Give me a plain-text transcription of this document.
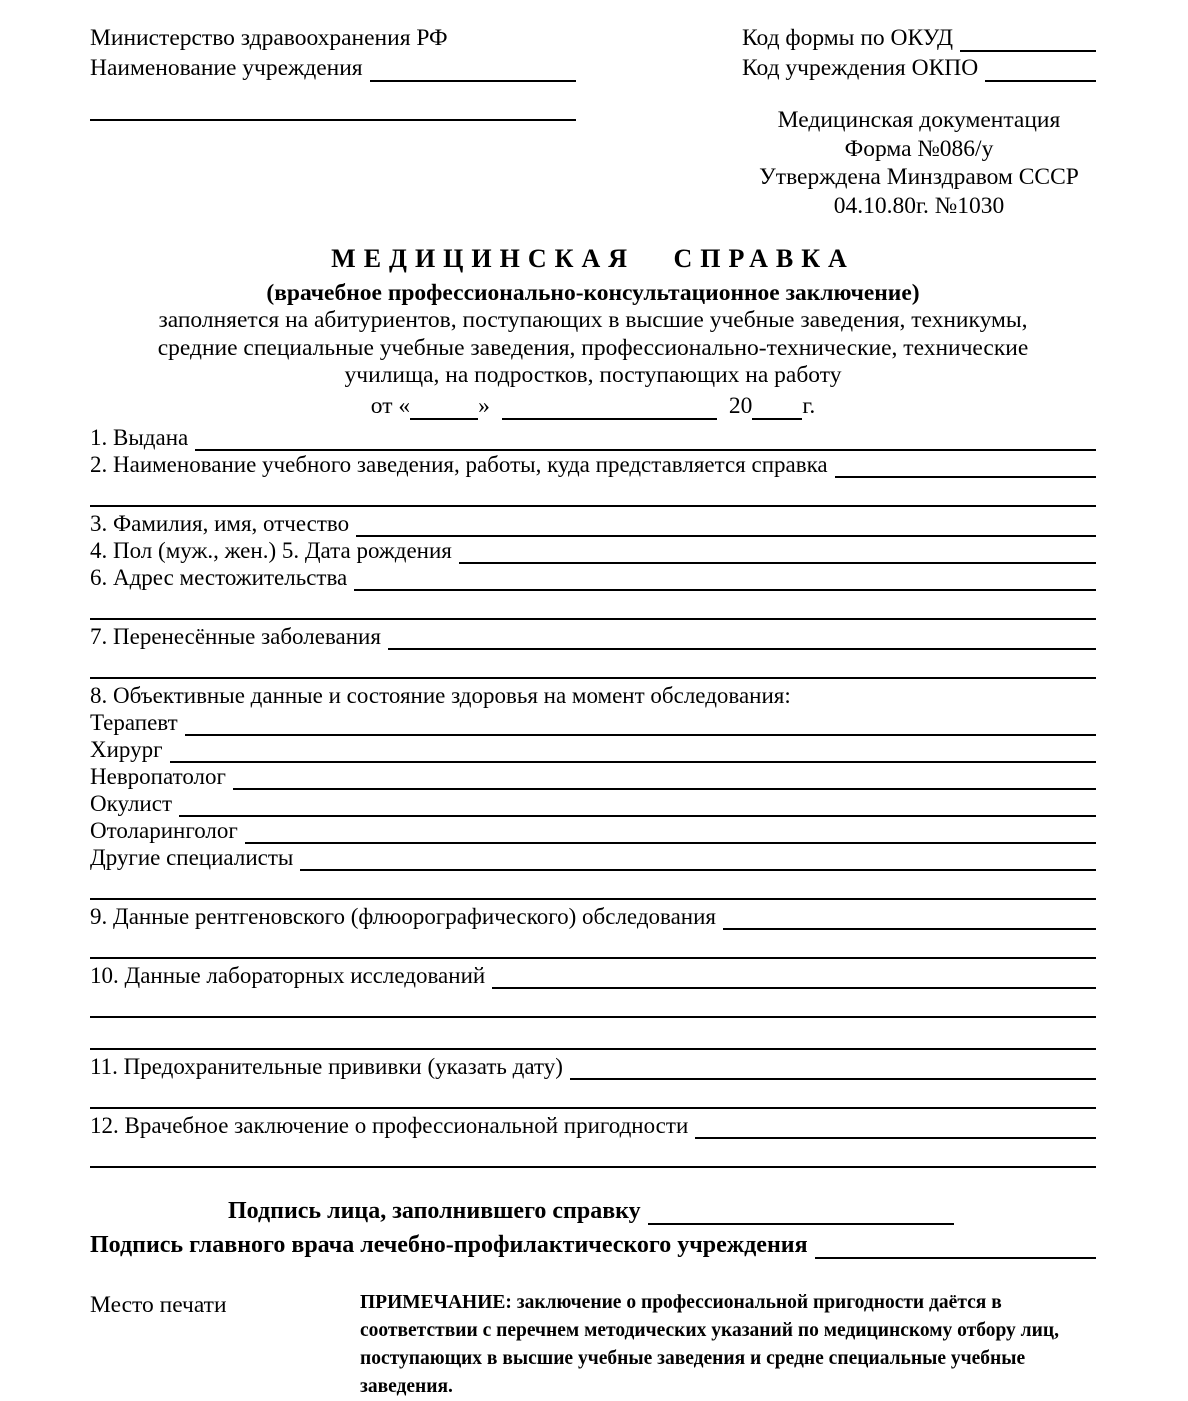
Министерство здравоохранения РФ
Наименование учреждения
Код формы по ОКУД
Код учреждения ОКПО
Медицинская документация
Форма №086/у
Утверждена Минздравом СССР
04.10.80г. №1030
МЕДИЦИНСКАЯ СПРАВКА
(врачебное профессионально-консультационное заключение)
заполняется на абитуриентов, поступающих в высшие учебные заведения, техникумы,
средние специальные учебные заведения, профессионально-технические, технические
училища, на подростков, поступающих на работу
от «	»	20 г.
1. Выдана
2. Наименование учебного заведения, работы, куда представляется справка
3. Фамилия, имя, отчество
4. Пол (муж., жен.) 5. Дата рождения
6. Адрес местожительства
7. Перенесённые заболевания
8. Объективные данные и состояние здоровья на момент обследования:
Терапевт
Хирург
Невропатолог
Окулист
Отоларинголог
Другие специалисты
9. Данные рентгеновского (флюорографического) обследования
10. Данные лабораторных исследований
11. Предохранительные прививки (указать дату)
12. Врачебное заключение о профессиональной пригодности
Подпись лица, заполнившего справку
Подпись главного врача лечебно-профилактического учреждения
Место печати	ПРИМЕЧАНИЕ: заключение о профессиональной пригодности даётся в соответствии с перечнем методических указаний по медицинскому отбору лиц, поступающих в высшие учебные заведения и средне специальные учебные заведения.
